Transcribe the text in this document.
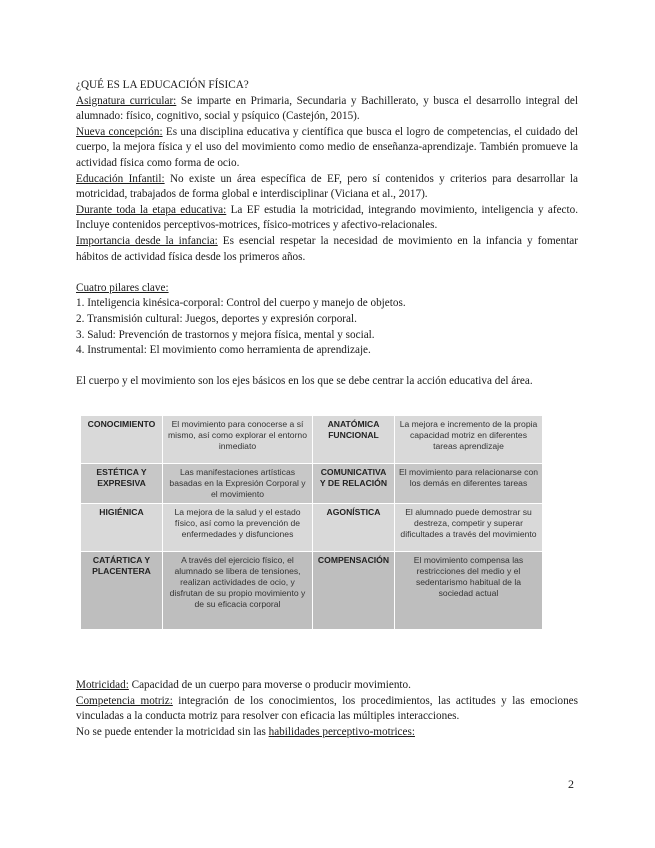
¿QUÉ ES LA EDUCACIÓN FÍSICA?

Asignatura curricular: Se imparte en Primaria, Secundaria y Bachillerato, y busca el desarrollo integral del alumnado: físico, cognitivo, social y psíquico (Castejón, 2015).

Nueva concepción: Es una disciplina educativa y científica que busca el logro de competencias, el cuidado del cuerpo, la mejora física y el uso del movimiento como medio de enseñanza-aprendizaje. También promueve la actividad física como forma de ocio.

Educación Infantil: No existe un área específica de EF, pero sí contenidos y criterios para desarrollar la motricidad, trabajados de forma global e interdisciplinar (Viciana et al., 2017).

Durante toda la etapa educativa: La EF estudia la motricidad, integrando movimiento, inteligencia y afecto. Incluye contenidos perceptivos-motrices, físico-motrices y afectivo-relacionales.

Importancia desde la infancia: Es esencial respetar la necesidad de movimiento en la infancia y fomentar hábitos de actividad física desde los primeros años.

Cuatro pilares clave:

1. Inteligencia kinésica-corporal: Control del cuerpo y manejo de objetos.

2. Transmisión cultural: Juegos, deportes y expresión corporal.

3. Salud: Prevención de trastornos y mejora física, mental y social.

4. Instrumental: El movimiento como herramienta de aprendizaje.

El cuerpo y el movimiento son los ejes básicos en los que se debe centrar la acción educativa del área.

CONOCIMIENTO	El movimiento para conocerse a sí mismo, así como explorar el entorno inmediato	ANATÓMICA FUNCIONAL	La mejora e incremento de la propia capacidad motriz en diferentes tareas aprendizaje
ESTÉTICA Y EXPRESIVA	Las manifestaciones artísticas basadas en la Expresión Corporal y el movimiento	COMUNICATIVA Y DE RELACIÓN	El movimiento para relacionarse con los demás en diferentes tareas
HIGIÉNICA	La mejora de la salud y el estado físico, así como la prevención de enfermedades y disfunciones	AGONÍSTICA	El alumnado puede demostrar su destreza, competir y superar dificultades a través del movimiento
CATÁRTICA Y PLACENTERA	A través del ejercicio físico, el alumnado se libera de tensiones, realizan actividades de ocio, y disfrutan de su propio movimiento y de su eficacia corporal	COMPENSACIÓN	El movimiento compensa las restricciones del medio y el sedentarismo habitual de la sociedad actual

Motricidad: Capacidad de un cuerpo para moverse o producir movimiento.

Competencia motriz: integración de los conocimientos, los procedimientos, las actitudes y las emociones vinculadas a la conducta motriz para resolver con eficacia las múltiples interacciones.

No se puede entender la motricidad sin las habilidades perceptivo-motrices:

2
